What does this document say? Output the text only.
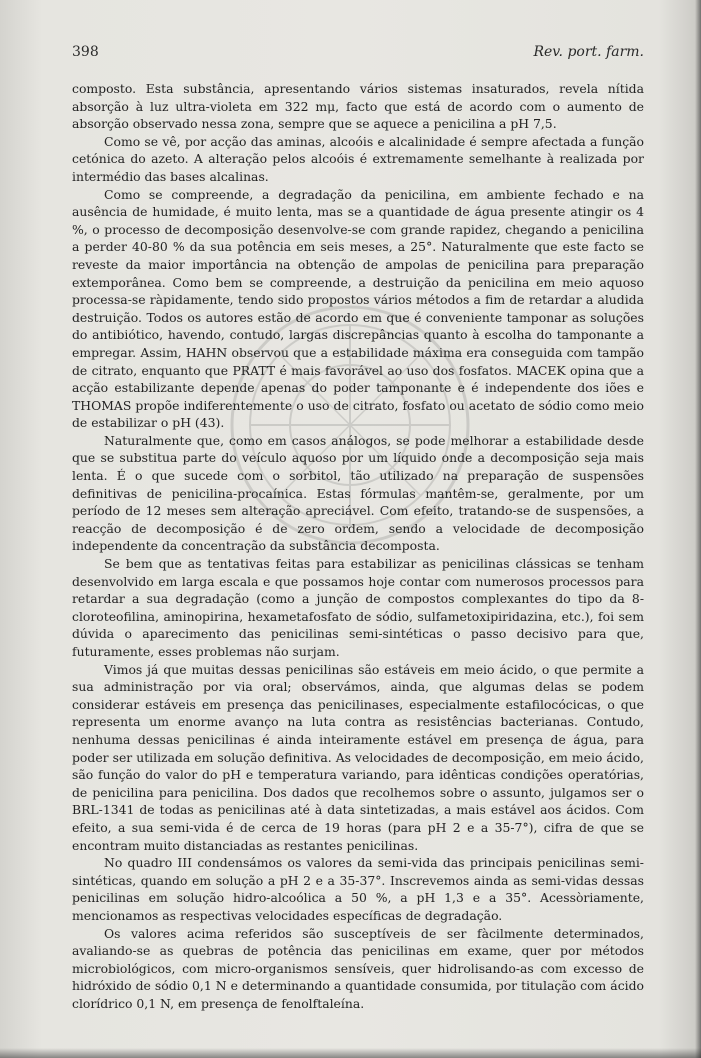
398	Rev. port. farm.

composto. Esta substância, apresentando vários sistemas insaturados, revela nítida absorção à luz ultra-violeta em 322 mμ, facto que está de acordo com o aumento de absorção observado nessa zona, sempre que se aquece a penicilina a pH 7,5.

Como se vê, por acção das aminas, alcoóis e alcalinidade é sempre afectada a função cetónica do azeto. A alteração pelos alcoóis é extremamente semelhante à realizada por intermédio das bases alcalinas.

Como se compreende, a degradação da penicilina, em ambiente fechado e na ausência de humidade, é muito lenta, mas se a quantidade de água presente atingir os 4 %, o processo de decomposição desenvolve-se com grande rapidez, chegando a penicilina a perder 40-80 % da sua potência em seis meses, a 25°. Naturalmente que este facto se reveste da maior importância na obtenção de ampolas de penicilina para preparação extemporânea. Como bem se compreende, a destruição da penicilina em meio aquoso processa-se ràpidamente, tendo sido propostos vários métodos a fim de retardar a aludida destruição. Todos os autores estão de acordo em que é conveniente tamponar as soluções do antibiótico, havendo, contudo, largas discrepâncias quanto à escolha do tamponante a empregar. Assim, HAHN observou que a estabilidade máxima era conseguida com tampão de citrato, enquanto que PRATT é mais favorável ao uso dos fosfatos. MACEK opina que a acção estabilizante depende apenas do poder tamponante e é independente dos iões e THOMAS propõe indiferentemente o uso de citrato, fosfato ou acetato de sódio como meio de estabilizar o pH (43).

Naturalmente que, como em casos análogos, se pode melhorar a estabilidade desde que se substitua parte do veículo aquoso por um líquido onde a decomposição seja mais lenta. É o que sucede com o sorbitol, tão utilizado na preparação de suspensões definitivas de penicilina-procaínica. Estas fórmulas mantêm-se, geralmente, por um período de 12 meses sem alteração apreciável. Com efeito, tratando-se de suspensões, a reacção de decomposição é de zero ordem, sendo a velocidade de decomposição independente da concentração da substância decomposta.

Se bem que as tentativas feitas para estabilizar as penicilinas clássicas se tenham desenvolvido em larga escala e que possamos hoje contar com numerosos processos para retardar a sua degradação (como a junção de compostos complexantes do tipo da 8-cloroteofilina, aminopirina, hexametafosfato de sódio, sulfametoxipiridazina, etc.), foi sem dúvida o aparecimento das penicilinas semi-sintéticas o passo decisivo para que, futuramente, esses problemas não surjam.

Vimos já que muitas dessas penicilinas são estáveis em meio ácido, o que permite a sua administração por via oral; observámos, ainda, que algumas delas se podem considerar estáveis em presença das penicilinases, especialmente estafilocócicas, o que representa um enorme avanço na luta contra as resistências bacterianas. Contudo, nenhuma dessas penicilinas é ainda inteiramente estável em presença de água, para poder ser utilizada em solução definitiva. As velocidades de decomposição, em meio ácido, são função do valor do pH e temperatura variando, para idênticas condições operatórias, de penicilina para penicilina. Dos dados que recolhemos sobre o assunto, julgamos ser o BRL-1341 de todas as penicilinas até à data sintetizadas, a mais estável aos ácidos. Com efeito, a sua semi-vida é de cerca de 19 horas (para pH 2 e a 35-7°), cifra de que se encontram muito distanciadas as restantes penicilinas.

No quadro III condensámos os valores da semi-vida das principais penicilinas semi-sintéticas, quando em solução a pH 2 e a 35-37°. Inscrevemos ainda as semi-vidas dessas penicilinas em solução hidro-alcoólica a 50 %, a pH 1,3 e a 35°. Acessòriamente, mencionamos as respectivas velocidades específicas de degradação.

Os valores acima referidos são susceptíveis de ser fàcilmente determinados, avaliando-se as quebras de potência das penicilinas em exame, quer por métodos microbiológicos, com micro-organismos sensíveis, quer hidrolisando-as com excesso de hidróxido de sódio 0,1 N e determinando a quantidade consumida, por titulação com ácido clorídrico 0,1 N, em presença de fenolftaleína.
